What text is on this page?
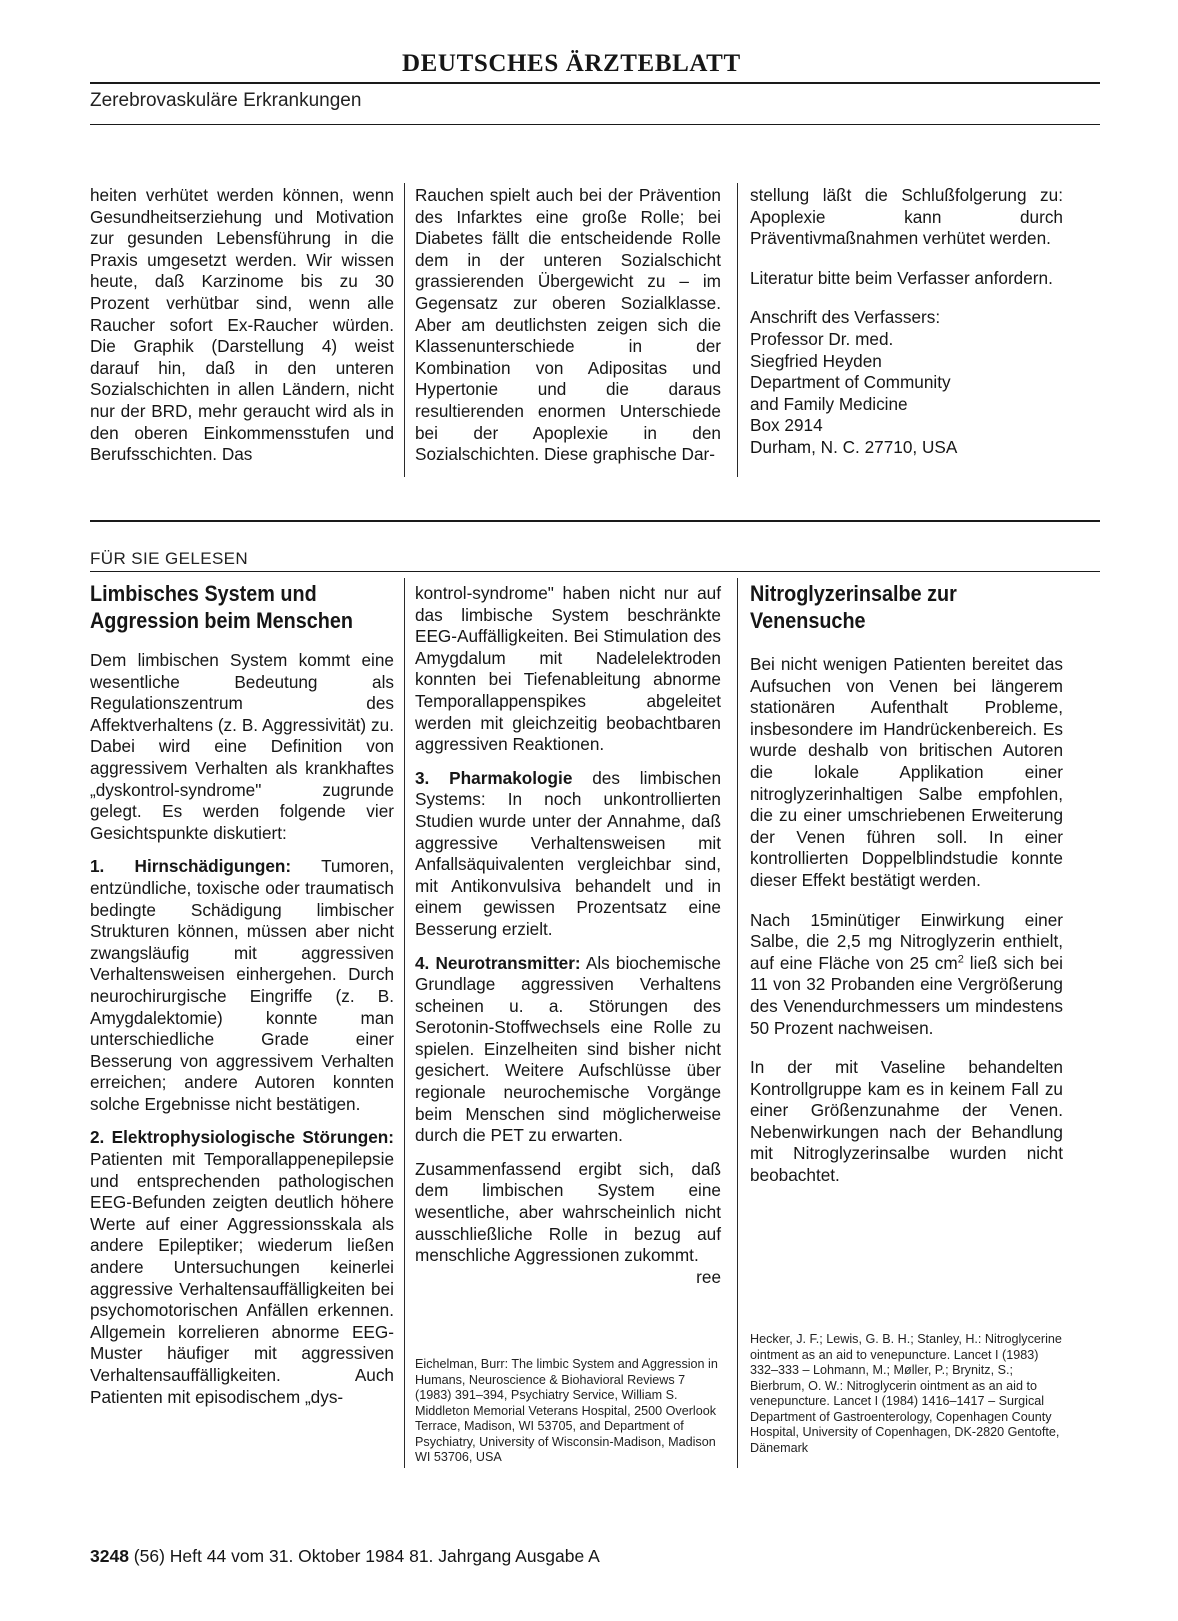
DEUTSCHES ÄRZTEBLATT
Zerebrovaskuläre Erkrankungen

heiten verhütet werden können, wenn Gesundheitserziehung und Motivation zur gesunden Lebensführung in die Praxis umgesetzt werden. Wir wissen heute, daß Karzinome bis zu 30 Prozent verhütbar sind, wenn alle Raucher sofort Ex-Raucher würden. Die Graphik (Darstellung 4) weist darauf hin, daß in den unteren Sozialschichten in allen Ländern, nicht nur der BRD, mehr geraucht wird als in den oberen Einkommensstufen und Berufsschichten. Das

Rauchen spielt auch bei der Prävention des Infarktes eine große Rolle; bei Diabetes fällt die entscheidende Rolle dem in der unteren Sozialschicht grassierenden Übergewicht zu – im Gegensatz zur oberen Sozialklasse. Aber am deutlichsten zeigen sich die Klassenunterschiede in der Kombination von Adipositas und Hypertonie und die daraus resultierenden enormen Unterschiede bei der Apoplexie in den Sozialschichten. Diese graphische Dar-

stellung läßt die Schlußfolgerung zu: Apoplexie kann durch Präventivmaßnahmen verhütet werden.

Literatur bitte beim Verfasser anfordern.

Anschrift des Verfassers:
Professor Dr. med.
Siegfried Heyden
Department of Community
and Family Medicine
Box 2914
Durham, N. C. 27710, USA
FÜR SIE GELESEN
Limbisches System und Aggression beim Menschen

Dem limbischen System kommt eine wesentliche Bedeutung als Regulationszentrum des Affektverhaltens (z. B. Aggressivität) zu. Dabei wird eine Definition von aggressivem Verhalten als krankhaftes „dyskontrol-syndrome" zugrunde gelegt. Es werden folgende vier Gesichtspunkte diskutiert:

1. Hirnschädigungen: Tumoren, entzündliche, toxische oder traumatisch bedingte Schädigung limbischer Strukturen können, müssen aber nicht zwangsläufig mit aggressiven Verhaltensweisen einhergehen. Durch neurochirurgische Eingriffe (z. B. Amygdalektomie) konnte man unterschiedliche Grade einer Besserung von aggressivem Verhalten erreichen; andere Autoren konnten solche Ergebnisse nicht bestätigen.

2. Elektrophysiologische Störungen: Patienten mit Temporallappenepilepsie und entsprechenden pathologischen EEG-Befunden zeigten deutlich höhere Werte auf einer Aggressionsskala als andere Epileptiker; wiederum ließen andere Untersuchungen keinerlei aggressive Verhaltensauffälligkeiten bei psychomotorischen Anfällen erkennen. Allgemein korrelieren abnorme EEG-Muster häufiger mit aggressiven Verhaltensauffälligkeiten. Auch Patienten mit episodischem „dys-

kontrol-syndrome" haben nicht nur auf das limbische System beschränkte EEG-Auffälligkeiten. Bei Stimulation des Amygdalum mit Nadelelektroden konnten bei Tiefenableitung abnorme Temporallappenspikes abgeleitet werden mit gleichzeitig beobachtbaren aggressiven Reaktionen.

3. Pharmakologie des limbischen Systems: In noch unkontrollierten Studien wurde unter der Annahme, daß aggressive Verhaltensweisen mit Anfallsäquivalenten vergleichbar sind, mit Antikonvulsiva behandelt und in einem gewissen Prozentsatz eine Besserung erzielt.

4. Neurotransmitter: Als biochemische Grundlage aggressiven Verhaltens scheinen u. a. Störungen des Serotonin-Stoffwechsels eine Rolle zu spielen. Einzelheiten sind bisher nicht gesichert. Weitere Aufschlüsse über regionale neurochemische Vorgänge beim Menschen sind möglicherweise durch die PET zu erwarten.

Zusammenfassend ergibt sich, daß dem limbischen System eine wesentliche, aber wahrscheinlich nicht ausschließliche Rolle in bezug auf menschliche Aggressionen zukommt.
ree

Eichelman, Burr: The limbic System and Aggression in Humans, Neuroscience & Biohavioral Reviews 7 (1983) 391–394, Psychiatry Service, William S. Middleton Memorial Veterans Hospital, 2500 Overlook Terrace, Madison, WI 53705, and Department of Psychiatry, University of Wisconsin-Madison, Madison WI 53706, USA
Nitroglyzerinsalbe zur Venensuche

Bei nicht wenigen Patienten bereitet das Aufsuchen von Venen bei längerem stationären Aufenthalt Probleme, insbesondere im Handrückenbereich. Es wurde deshalb von britischen Autoren die lokale Applikation einer nitroglyzerinhaltigen Salbe empfohlen, die zu einer umschriebenen Erweiterung der Venen führen soll. In einer kontrollierten Doppelblindstudie konnte dieser Effekt bestätigt werden.

Nach 15minütiger Einwirkung einer Salbe, die 2,5 mg Nitroglyzerin enthielt, auf eine Fläche von 25 $cm^2$ ließ sich bei 11 von 32 Probanden eine Vergrößerung des Venendurchmessers um mindestens 50 Prozent nachweisen.

In der mit Vaseline behandelten Kontrollgruppe kam es in keinem Fall zu einer Größenzunahme der Venen. Nebenwirkungen nach der Behandlung mit Nitroglyzerinsalbe wurden nicht beobachtet.

Hecker, J. F.; Lewis, G. B. H.; Stanley, H.: Nitroglycerine ointment as an aid to venepuncture. Lancet I (1983) 332–333 – Lohmann, M.; Møller, P.; Brynitz, S.; Bierbrum, O. W.: Nitroglycerin ointment as an aid to venepuncture. Lancet I (1984) 1416–1417 – Surgical Department of Gastroenterology, Copenhagen County Hospital, University of Copenhagen, DK-2820 Gentofte, Dänemark
3248 (56) Heft 44 vom 31. Oktober 1984 81. Jahrgang Ausgabe A
